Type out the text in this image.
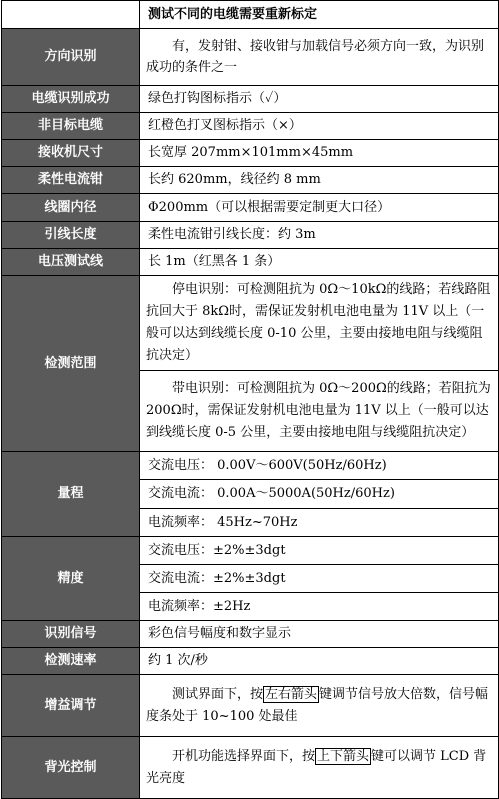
	测试不同的电缆需要重新标定
方向识别	有，发射钳、接收钳与加载信号必须方向一致，为识别成功的条件之一
电缆识别成功	绿色打钩图标指示（✓）
非目标电缆	红橙色打叉图标指示（×）
接收机尺寸	长宽厚 207mm×101mm×45mm
柔性电流钳	长约 620mm，线径约 8 mm
线圈内径	Φ200mm（可以根据需要定制更大口径）
引线长度	柔性电流钳引线长度：约 3m
电压测试线	长 1m（红黑各 1 条）
检测范围	停电识别：可检测阻抗为 0Ω～10kΩ的线路；若线路阻抗回大于 8kΩ时，需保证发射机电池电量为 11V 以上（一般可以达到线缆长度 0-10 公里，主要由接地电阻与线缆阻抗决定）
	带电识别：可检测阻抗为 0Ω～200Ω的线路；若阻抗为 200Ω时，需保证发射机电池电量为 11V 以上（一般可以达到线缆长度 0-5 公里，主要由接地电阻与线缆阻抗决定）
量程	交流电压： 0.00V～600V(50Hz/60Hz)
	交流电流： 0.00A～5000A(50Hz/60Hz)
	电流频率： 45Hz~70Hz
精度	交流电压：±2%±3dgt
	交流电流：±2%±3dgt
	电流频率：±2Hz
识别信号	彩色信号幅度和数字显示
检测速率	约 1 次/秒
增益调节	测试界面下，按 左右箭头 键调节信号放大倍数，信号幅度条处于 10~100 处最佳
背光控制	开机功能选择界面下，按 上下箭头 键可以调节 LCD 背光亮度
